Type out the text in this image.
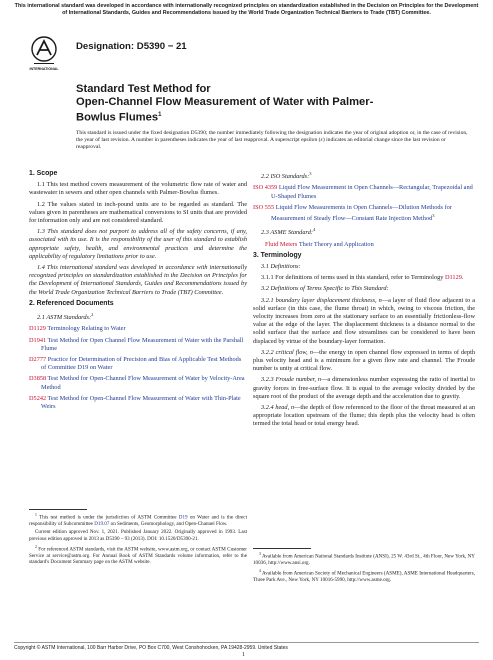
This international standard was developed in accordance with internationally recognized principles on standardization established in the Decision on Principles for the Development of International Standards, Guides and Recommendations issued by the World Trade Organization Technical Barriers to Trade (TBT) Committee.
INTERNATIONAL
Designation: D5390 − 21
Standard Test Method for
Open-Channel Flow Measurement of Water with Palmer-
Bowlus Flumes$^1$
This standard is issued under the fixed designation D5390; the number immediately following the designation indicates the year of original adoption or, in the case of revision, the year of last revision. A number in parentheses indicates the year of last reapproval. A superscript epsilon (ε) indicates an editorial change since the last revision or reapproval.

1. Scope

1.1 This test method covers measurement of the volumetric flow rate of water and wastewater in sewers and other open channels with Palmer-Bowlus flumes.

1.2 The values stated in inch-pound units are to be regarded as standard. The values given in parentheses are mathematical conversions to SI units that are provided for information only and are not considered standard.

1.3 This standard does not purport to address all of the safety concerns, if any, associated with its use. It is the responsibility of the user of this standard to establish appropriate safety, health, and environmental practices and determine the applicability of regulatory limitations prior to use.

1.4 This international standard was developed in accordance with internationally recognized principles on standardization established in the Decision on Principles for the Development of International Standards, Guides and Recommendations issued by the World Trade Organization Technical Barriers to Trade (TBT) Committee.

2. Referenced Documents

2.1 ASTM Standards:$^2$

D1129 Terminology Relating to Water

D1941 Test Method for Open Channel Flow Measurement of Water with the Parshall Flume

D2777 Practice for Determination of Precision and Bias of Applicable Test Methods of Committee D19 on Water

D3858 Test Method for Open-Channel Flow Measurement of Water by Velocity-Area Method

D5242 Test Method for Open-Channel Flow Measurement of Water with Thin-Plate Weirs

2.2 ISO Standards:$^3$

ISO 4359 Liquid Flow Measurement in Open Channels—Rectangular, Trapezoidal and U-Shaped Flumes

ISO 555 Liquid Flow Measurements in Open Channels—Dilution Methods for Measurement of Steady Flow—Constant Rate Injection Method$^3$

2.3 ASME Standard:$^4$

Fluid Meters Their Theory and Application

3. Terminology

3.1 Definitions:

3.1.1 For definitions of terms used in this standard, refer to Terminology D1129.

3.2 Definitions of Terms Specific to This Standard:

3.2.1 boundary layer displacement thickness, n—a layer of fluid flow adjacent to a solid surface (in this case, the flume throat) in which, owing to viscous friction, the velocity increases from zero at the stationary surface to an essentially frictionless-flow value at the edge of the layer. The displacement thickness is a distance normal to the solid surface that the surface and flow streamlines can be considered to have been displaced by virtue of the boundary-layer formation.

3.2.2 critical flow, n—the energy in open channel flow expressed in terms of depth plus velocity head and is a minimum for a given flow rate and channel. The Froude number is unity at critical flow.

3.2.3 Froude number, n—a dimensionless number expressing the ratio of inertial to gravity forces in free-surface flow. It is equal to the average velocity divided by the square root of the product of the average depth and the acceleration due to gravity.

3.2.4 head, n—the depth of flow referenced to the floor of the throat measured at an appropriate location upstream of the flume; this depth plus the velocity head is often termed the total head or total energy head.

$^1$ This test method is under the jurisdiction of ASTM Committee D19 on Water and is the direct responsibility of Subcommittee D19.07 on Sediments, Geomorphology, and Open-Channel Flow.

Current edition approved Nov. 1, 2021. Published January 2022. Originally approved in 1993. Last previous edition approved in 2013 as D5390 – 93 (2013). DOI: 10.1520/D5390-21.

$^2$ For referenced ASTM standards, visit the ASTM website, www.astm.org, or contact ASTM Customer Service at service@astm.org. For Annual Book of ASTM Standards volume information, refer to the standard's Document Summary page on the ASTM website.

$^3$ Available from American National Standards Institute (ANSI), 25 W. 43rd St., 4th Floor, New York, NY 10036, http://www.ansi.org.

$^4$ Available from American Society of Mechanical Engineers (ASME), ASME International Headquarters, Three Park Ave., New York, NY 10016-5990, http://www.asme.org.

Copyright © ASTM International, 100 Barr Harbor Drive, PO Box C700, West Conshohocken, PA 19428-2959. United States
1
